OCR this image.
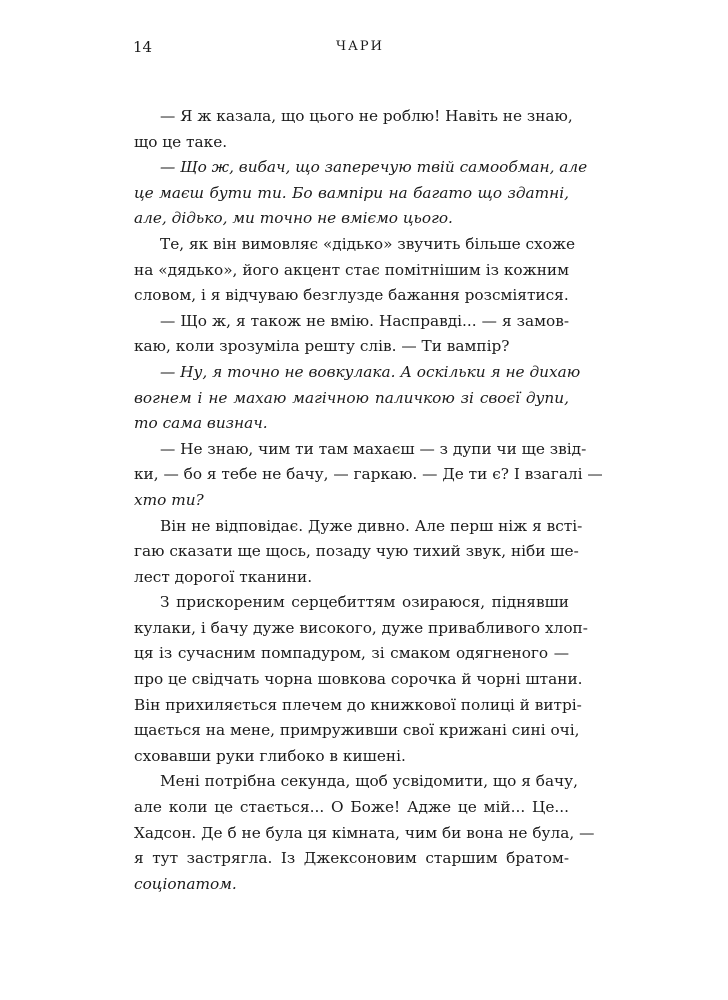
14	ЧАРИ
— Я ж казала, що цього не роблю! Навіть не знаю,
що це таке.
— Що ж, вибач, що заперечую твій самообман, але
це маєш бути ти. Бо вампіри на багато що здатні,
але, дідько, ми точно не вміємо цього.
Те, як він вимовляє «дідько» звучить більше схоже
на «дядько», його акцент стає помітнішим із кожним
словом, і я відчуваю безглузде бажання розсміятися.
— Що ж, я також не вмію. Насправді... — я замов-
каю, коли зрозуміла решту слів. — Ти вампір?
— Ну, я точно не вовкулака. А оскільки я не дихаю
вогнем і не махаю магічною паличкою зі своєї дупи,
то сама визнач.
— Не знаю, чим ти там махаєш — з дупи чи ще звід-
ки, — бо я тебе не бачу, — гаркаю. — Де ти є? І взагалі —
хто ти?
Він не відповідає. Дуже дивно. Але перш ніж я встi-
гаю сказати ще щось, позаду чую тихий звук, ніби ше-
лест дорогої тканини.
З прискореним серцебиттям озираюся, піднявши
кулаки, і бачу дуже високого, дуже привабливого хлоп-
ця із сучасним помпадуром, зі смаком одягненого —
про це свідчать чорна шовкова сорочка й чорні штани.
Він прихиляється плечем до книжкової полиці й витрі-
щається на мене, примруживши свої крижані сині очі,
сховавши руки глибоко в кишені.
Мені потрібна секунда, щоб усвідомити, що я бачу,
але коли це стається... О Боже! Адже це мій... Це...
Хадсон. Де б не була ця кімната, чим би вона не була, —
я тут застрягла. Із Джексоновим старшим братом-
соціопатом.
